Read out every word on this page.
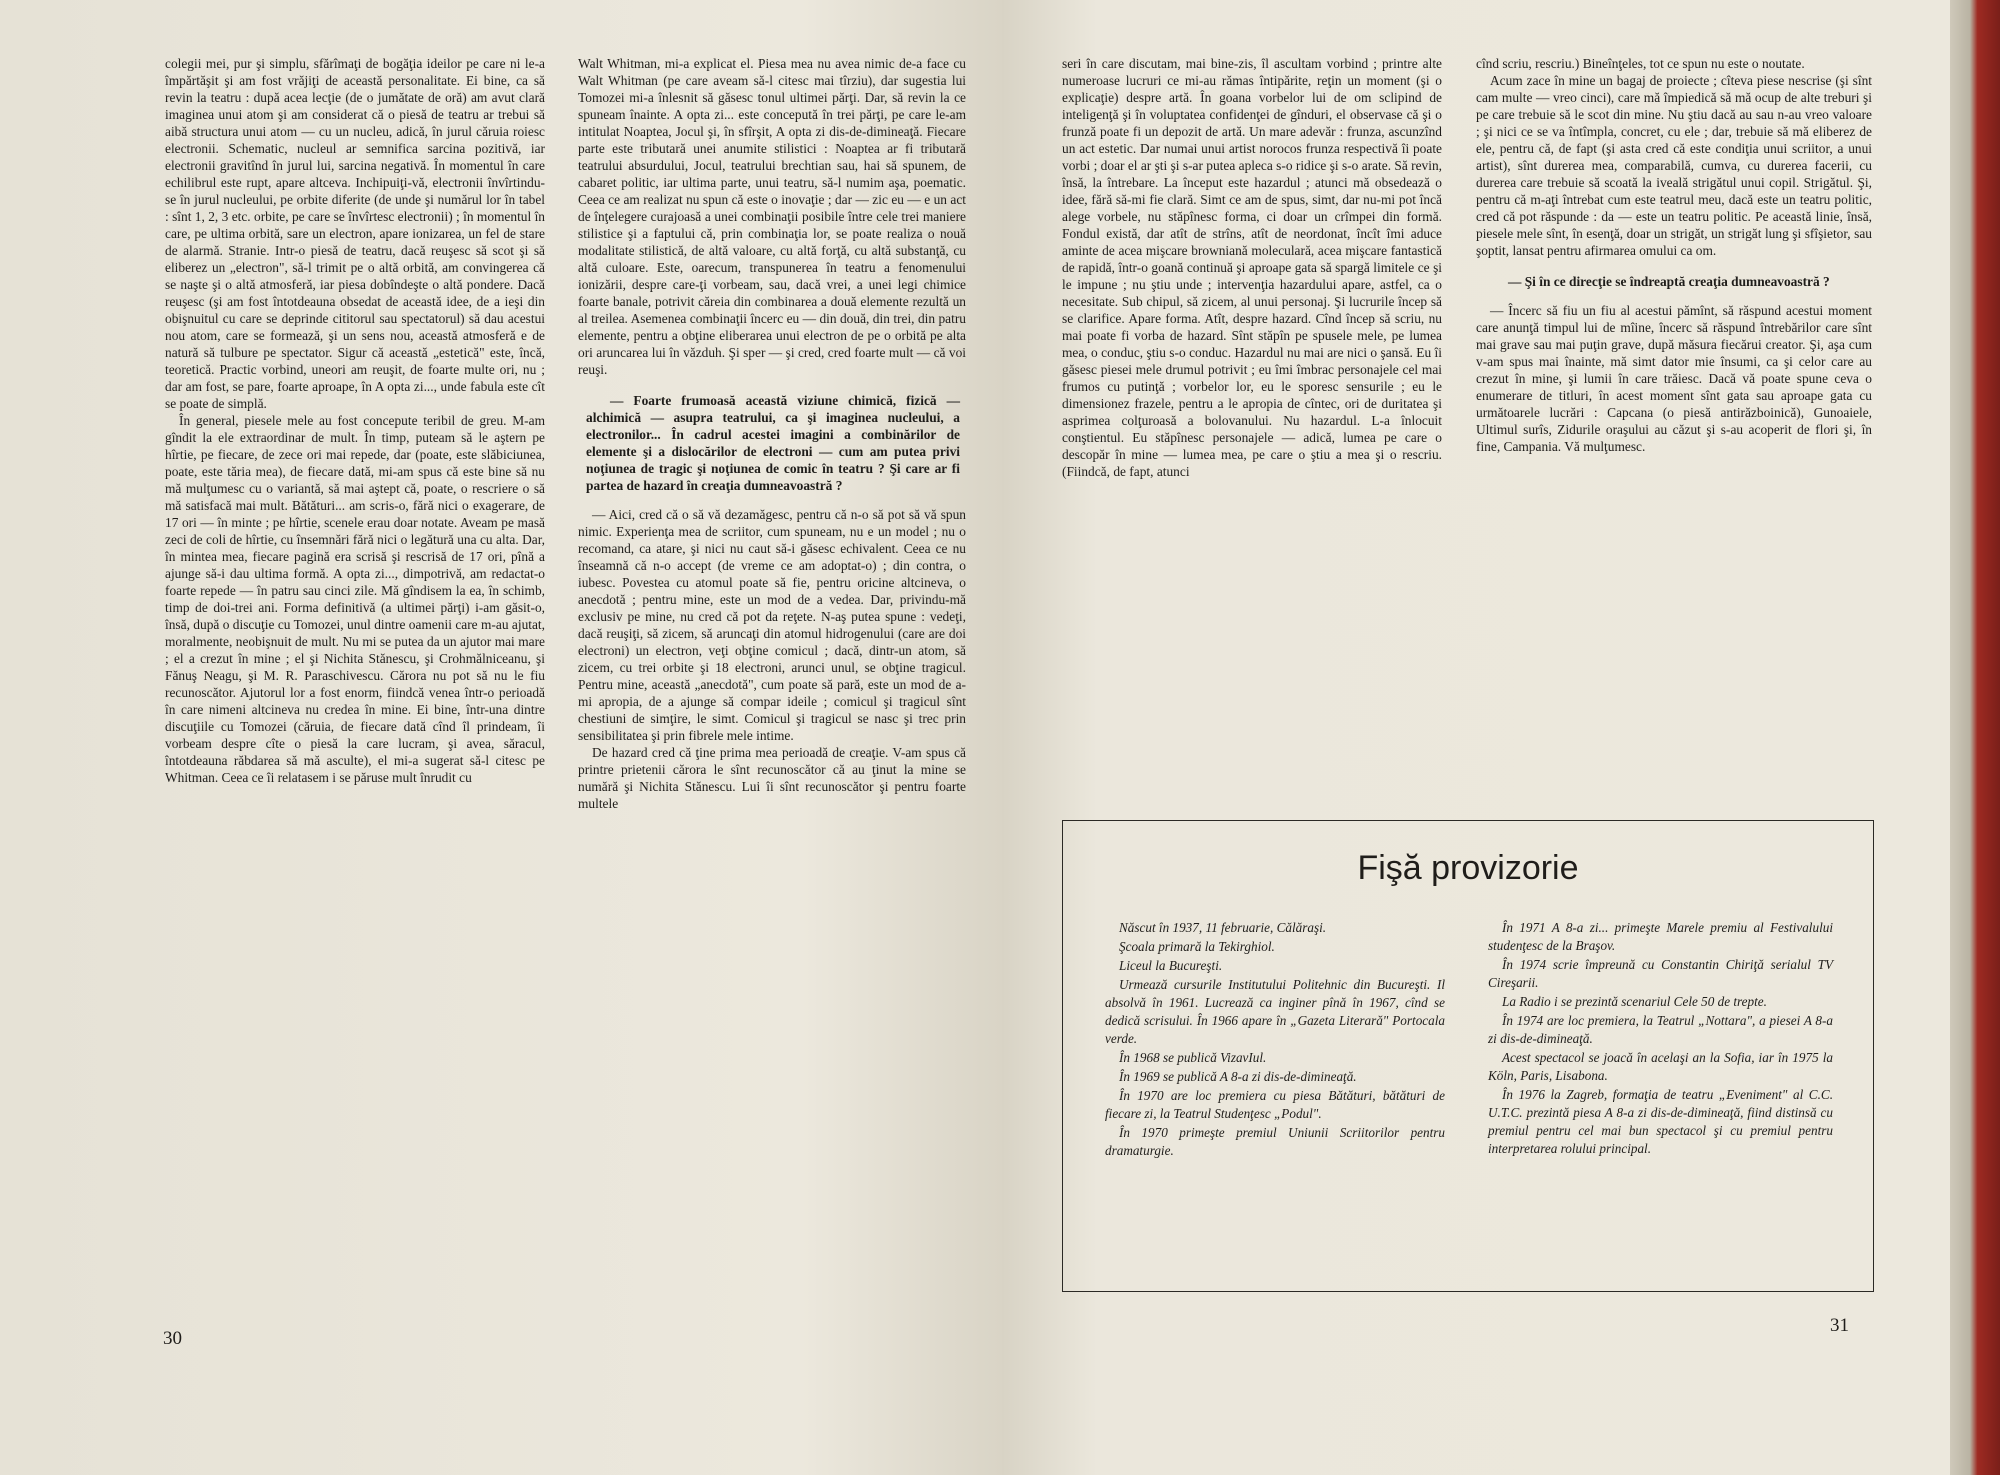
colegii mei, pur şi simplu, sfărîmaţi de bogăţia ideilor pe care ni le-a împărtăşit şi am fost vrăjiţi de această personalitate. Ei bine, ca să revin la teatru : după acea lecţie (de o jumătate de oră) am avut clară imaginea unui atom şi am considerat că o piesă de teatru ar trebui să aibă structura unui atom — cu un nucleu, adică, în jurul căruia roiesc electronii. Schematic, nucleul ar semnifica sarcina pozitivă, iar electronii gravitînd în jurul lui, sarcina negativă. În momentul în care echilibrul este rupt, apare altceva. Inchipuiţi-vă, electronii învîrtindu-se în jurul nucleului, pe orbite diferite (de unde şi numărul lor în tabel : sînt 1, 2, 3 etc. orbite, pe care se învîrtesc electronii) ; în momentul în care, pe ultima orbită, sare un electron, apare ionizarea, un fel de stare de alarmă. Stranie. Intr-o piesă de teatru, dacă reuşesc să scot şi să eliberez un „electron", să-l trimit pe o altă orbită, am convingerea că se naşte şi o altă atmosferă, iar piesa dobîndeşte o altă pondere. Dacă reuşesc (şi am fost întotdeauna obsedat de această idee, de a ieşi din obişnuitul cu care se deprinde cititorul sau spectatorul) să dau acestui nou atom, care se formează, şi un sens nou, această atmosferă e de natură să tulbure pe spectator. Sigur că această „estetică" este, încă, teoretică. Practic vorbind, uneori am reuşit, de foarte multe ori, nu ; dar am fost, se pare, foarte aproape, în A opta zi..., unde fabula este cît se poate de simplă.

În general, piesele mele au fost concepute teribil de greu. M-am gîndit la ele extraordinar de mult. În timp, puteam să le aştern pe hîrtie, pe fiecare, de zece ori mai repede, dar (poate, este slăbiciunea, poate, este tăria mea), de fiecare dată, mi-am spus că este bine să nu mă mulţumesc cu o variantă, să mai aştept că, poate, o rescriere o să mă satisfacă mai mult. Bătături... am scris-o, fără nici o exagerare, de 17 ori — în minte ; pe hîrtie, scenele erau doar notate. Aveam pe masă zeci de coli de hîrtie, cu însemnări fără nici o legătură una cu alta. Dar, în mintea mea, fiecare pagină era scrisă şi rescrisă de 17 ori, pînă a ajunge să-i dau ultima formă. A opta zi..., dimpotrivă, am redactat-o foarte repede — în patru sau cinci zile. Mă gîndisem la ea, în schimb, timp de doi-trei ani. Forma definitivă (a ultimei părţi) i-am găsit-o, însă, după o discuţie cu Tomozei, unul dintre oamenii care m-au ajutat, moralmente, neobişnuit de mult. Nu mi se putea da un ajutor mai mare ; el a crezut în mine ; el şi Nichita Stănescu, şi Crohmălniceanu, şi Fănuş Neagu, şi M. R. Paraschivescu. Cărora nu pot să nu le fiu recunoscător. Ajutorul lor a fost enorm, fiindcă venea într-o perioadă în care nimeni altcineva nu credea în mine. Ei bine, într-una dintre discuţiile cu Tomozei (căruia, de fiecare dată cînd îl prindeam, îi vorbeam despre cîte o piesă la care lucram, şi avea, săracul, întotdeauna răbdarea să mă asculte), el mi-a sugerat să-l citesc pe Whitman. Ceea ce îi relatasem i se păruse mult înrudit cu

Walt Whitman, mi-a explicat el. Piesa mea nu avea nimic de-a face cu Walt Whitman (pe care aveam să-l citesc mai tîrziu), dar sugestia lui Tomozei mi-a înlesnit să găsesc tonul ultimei părţi. Dar, să revin la ce spuneam înainte. A opta zi... este concepută în trei părţi, pe care le-am intitulat Noaptea, Jocul şi, în sfîrşit, A opta zi dis-de-dimineaţă. Fiecare parte este tributară unei anumite stilistici : Noaptea ar fi tributară teatrului absurdului, Jocul, teatrului brechtian sau, hai să spunem, de cabaret politic, iar ultima parte, unui teatru, să-l numim aşa, poematic. Ceea ce am realizat nu spun că este o inovaţie ; dar — zic eu — e un act de înţelegere curajoasă a unei combinaţii posibile între cele trei maniere stilistice şi a faptului că, prin combinaţia lor, se poate realiza o nouă modalitate stilistică, de altă valoare, cu altă forţă, cu altă substanţă, cu altă culoare. Este, oarecum, transpunerea în teatru a fenomenului ionizării, despre care-ţi vorbeam, sau, dacă vrei, a unei legi chimice foarte banale, potrivit căreia din combinarea a două elemente rezultă un al treilea. Asemenea combinaţii încerc eu — din două, din trei, din patru elemente, pentru a obţine eliberarea unui electron de pe o orbită pe alta ori aruncarea lui în văzduh. Şi sper — şi cred, cred foarte mult — că voi reuşi.

— Foarte frumoasă această viziune chimică, fizică — alchimică — asupra teatrului, ca şi imaginea nucleului, a electronilor... În cadrul acestei imagini a combinărilor de elemente şi a dislocărilor de electroni — cum am putea privi noţiunea de tragic şi noţiunea de comic în teatru ? Şi care ar fi partea de hazard în creaţia dumneavoastră ?

— Aici, cred că o să vă dezamăgesc, pentru că n-o să pot să vă spun nimic. Experienţa mea de scriitor, cum spuneam, nu e un model ; nu o recomand, ca atare, şi nici nu caut să-i găsesc echivalent. Ceea ce nu înseamnă că n-o accept (de vreme ce am adoptat-o) ; din contra, o iubesc. Povestea cu atomul poate să fie, pentru oricine altcineva, o anecdotă ; pentru mine, este un mod de a vedea. Dar, privindu-mă exclusiv pe mine, nu cred că pot da reţete. N-aş putea spune : vedeţi, dacă reuşiţi, să zicem, să aruncaţi din atomul hidrogenului (care are doi electroni) un electron, veţi obţine comicul ; dacă, dintr-un atom, să zicem, cu trei orbite şi 18 electroni, arunci unul, se obţine tragicul. Pentru mine, această „anecdotă", cum poate să pară, este un mod de a-mi apropia, de a ajunge să compar ideile ; comicul şi tragicul sînt chestiuni de simţire, le simt. Comicul şi tragicul se nasc şi trec prin sensibilitatea şi prin fibrele mele intime.

De hazard cred că ţine prima mea perioadă de creaţie. V-am spus că printre prietenii cărora le sînt recunoscător că au ţinut la mine se numără şi Nichita Stănescu. Lui îi sînt recunoscător şi pentru foarte multele

30

seri în care discutam, mai bine-zis, îl ascultam vorbind ; printre alte numeroase lucruri ce mi-au rămas întipărite, reţin un moment (şi o explicaţie) despre artă. În goana vorbelor lui de om sclipind de inteligenţă şi în voluptatea confidenţei de gînduri, el observase că şi o frunză poate fi un depozit de artă. Un mare adevăr : frunza, ascunzînd un act estetic. Dar numai unui artist norocos frunza respectivă îi poate vorbi ; doar el ar şti şi s-ar putea apleca s-o ridice şi s-o arate. Să revin, însă, la întrebare. La început este hazardul ; atunci mă obsedează o idee, fără să-mi fie clară. Simt ce am de spus, simt, dar nu-mi pot încă alege vorbele, nu stăpînesc forma, ci doar un crîmpei din formă. Fondul există, dar atît de strîns, atît de neordonat, încît îmi aduce aminte de acea mişcare browniană moleculară, acea mişcare fantastică de rapidă, într-o goană continuă şi aproape gata să spargă limitele ce şi le impune ; nu ştiu unde ; intervenţia hazardului apare, astfel, ca o necesitate. Sub chipul, să zicem, al unui personaj. Şi lucrurile încep să se clarifice. Apare forma. Atît, despre hazard. Cînd încep să scriu, nu mai poate fi vorba de hazard. Sînt stăpîn pe spusele mele, pe lumea mea, o conduc, ştiu s-o conduc. Hazardul nu mai are nici o şansă. Eu îi găsesc piesei mele drumul potrivit ; eu îmi îmbrac personajele cel mai frumos cu putinţă ; vorbelor lor, eu le sporesc sensurile ; eu le dimensionez frazele, pentru a le apropia de cîntec, ori de duritatea şi asprimea colţuroasă a bolovanului. Nu hazardul. L-a înlocuit conştientul. Eu stăpînesc personajele — adică, lumea pe care o descopăr în mine — lumea mea, pe care o ştiu a mea şi o rescriu. (Fiindcă, de fapt, atunci

cînd scriu, rescriu.) Bineînţeles, tot ce spun nu este o noutate.

Acum zace în mine un bagaj de proiecte ; cîteva piese nescrise (şi sînt cam multe — vreo cinci), care mă împiedică să mă ocup de alte treburi şi pe care trebuie să le scot din mine. Nu ştiu dacă au sau n-au vreo valoare ; şi nici ce se va întîmpla, concret, cu ele ; dar, trebuie să mă eliberez de ele, pentru că, de fapt (şi asta cred că este condiţia unui scriitor, a unui artist), sînt durerea mea, comparabilă, cumva, cu durerea facerii, cu durerea care trebuie să scoată la iveală strigătul unui copil. Strigătul. Şi, pentru că m-aţi întrebat cum este teatrul meu, dacă este un teatru politic, cred că pot răspunde : da — este un teatru politic. Pe această linie, însă, piesele mele sînt, în esenţă, doar un strigăt, un strigăt lung şi sfîşietor, sau şoptit, lansat pentru afirmarea omului ca om.

— Şi în ce direcţie se îndreaptă creaţia dumneavoastră ?

— Încerc să fiu un fiu al acestui pămînt, să răspund acestui moment care anunţă timpul lui de mîine, încerc să răspund întrebărilor care sînt mai grave sau mai puţin grave, după măsura fiecărui creator. Şi, aşa cum v-am spus mai înainte, mă simt dator mie însumi, ca şi celor care au crezut în mine, şi lumii în care trăiesc. Dacă vă poate spune ceva o enumerare de titluri, în acest moment sînt gata sau aproape gata cu următoarele lucrări : Capcana (o piesă antirăzboinică), Gunoaiele, Ultimul surîs, Zidurile oraşului au căzut şi s-au acoperit de flori şi, în fine, Campania. Vă mulţumesc.

Fişă provizorie

Născut în 1937, 11 februarie, Călăraşi.

Şcoala primară la Tekirghiol.

Liceul la Bucureşti.

Urmează cursurile Institutului Politehnic din Bucureşti. Il absolvă în 1961. Lucrează ca inginer pînă în 1967, cînd se dedică scrisului. În 1966 apare în „Gazeta Literară" Portocala verde.

În 1968 se publică VizavIul.

În 1969 se publică A 8-a zi dis-de-dimineaţă.

În 1970 are loc premiera cu piesa Bătături, bătături de fiecare zi, la Teatrul Studenţesc „Podul".

În 1970 primeşte premiul Uniunii Scriitorilor pentru dramaturgie.

În 1971 A 8-a zi... primeşte Marele premiu al Festivalului studenţesc de la Braşov.

În 1974 scrie împreună cu Constantin Chiriţă serialul TV Cireşarii.

La Radio i se prezintă scenariul Cele 50 de trepte.

În 1974 are loc premiera, la Teatrul „Nottara", a piesei A 8-a zi dis-de-dimineaţă.

Acest spectacol se joacă în acelaşi an la Sofia, iar în 1975 la Köln, Paris, Lisabona.

În 1976 la Zagreb, formaţia de teatru „Eveniment" al C.C. U.T.C. prezintă piesa A 8-a zi dis-de-dimineaţă, fiind distinsă cu premiul pentru cel mai bun spectacol şi cu premiul pentru interpretarea rolului principal.

31
